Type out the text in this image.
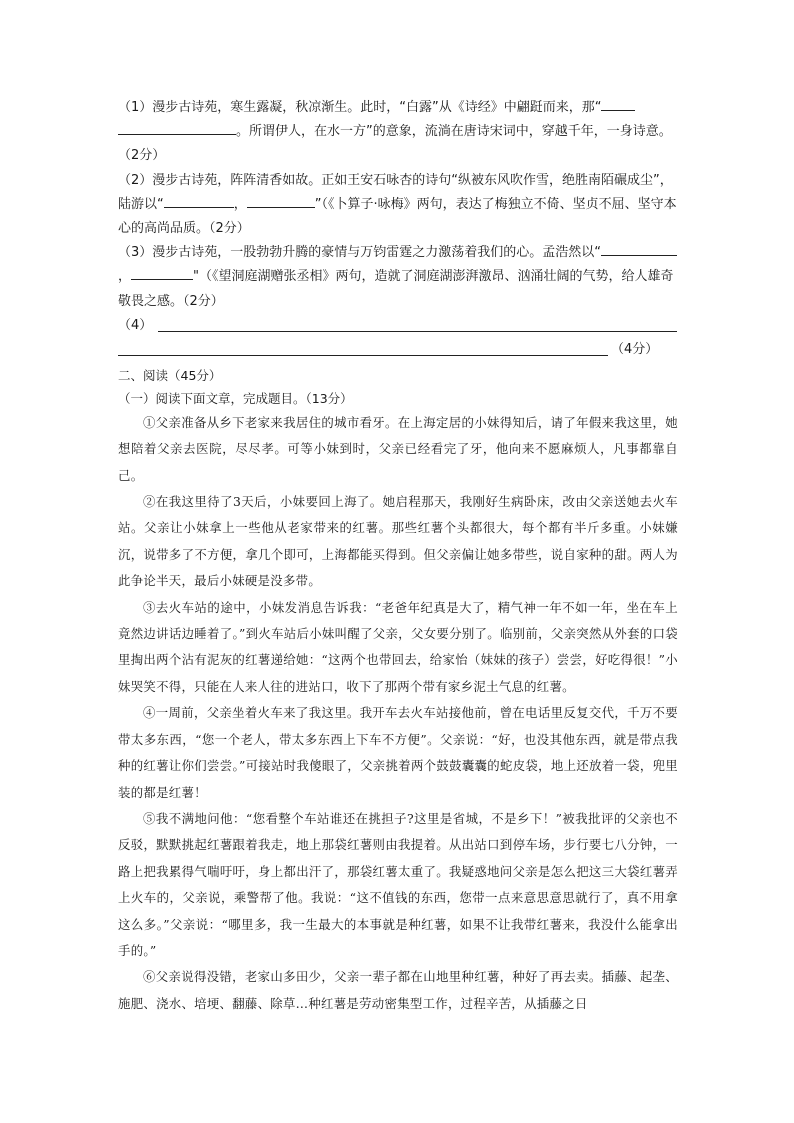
（1）漫步古诗苑，寒生露凝，秋凉渐生。此时，“白露”从《诗经》中翩跹而来，那“。所谓伊人，在水一方”的意象，流淌在唐诗宋词中，穿越千年，一身诗意。（2分）

（2）漫步古诗苑，阵阵清香如故。正如王安石咏杏的诗句“纵被东风吹作雪，绝胜南陌碾成尘”，陆游以“	，	”（《卜算子·咏梅》两句，表达了梅独立不倚、坚贞不屈、坚守本心的高尚品质。（2分）

（3）漫步古诗苑，一股勃勃升腾的豪情与万钧雷霆之力激荡着我们的心。孟浩然以“，	"（《望洞庭湖赠张丞相》两句，造就了洞庭湖澎湃激昂、汹涌壮阔的气势，给人雄奇敬畏之感。（2分）

（4）
（4分）

二、阅读（45分）

（一）阅读下面文章，完成题目。（13分）

①父亲准备从乡下老家来我居住的城市看牙。在上海定居的小妹得知后，请了年假来我这里，她想陪着父亲去医院，尽尽孝。可等小妹到时，父亲已经看完了牙，他向来不愿麻烦人，凡事都靠自己。

②在我这里待了3天后，小妹要回上海了。她启程那天，我刚好生病卧床，改由父亲送她去火车站。父亲让小妹拿上一些他从老家带来的红薯。那些红薯个头都很大，每个都有半斤多重。小妹嫌沉，说带多了不方便，拿几个即可，上海都能买得到。但父亲偏让她多带些，说自家种的甜。两人为此争论半天，最后小妹硬是没多带。

③去火车站的途中，小妹发消息告诉我：“老爸年纪真是大了，精气神一年不如一年，坐在车上竟然边讲话边睡着了。”到火车站后小妹叫醒了父亲，父女要分别了。临别前，父亲突然从外套的口袋里掏出两个沾有泥灰的红薯递给她：“这两个也带回去，给家怡（妹妹的孩子）尝尝，好吃得很！”小妹哭笑不得，只能在人来人往的进站口，收下了那两个带有家乡泥土气息的红薯。

④一周前，父亲坐着火车来了我这里。我开车去火车站接他前，曾在电话里反复交代，千万不要带太多东西，“您一个老人，带太多东西上下车不方便”。父亲说：“好，也没其他东西，就是带点我种的红薯让你们尝尝。”可接站时我傻眼了，父亲挑着两个鼓鼓囊囊的蛇皮袋，地上还放着一袋，兜里装的都是红薯！

⑤我不满地问他：“您看整个车站谁还在挑担子?这里是省城，不是乡下！”被我批评的父亲也不反驳，默默挑起红薯跟着我走，地上那袋红薯则由我提着。从出站口到停车场，步行要七八分钟，一路上把我累得气喘吁吁，身上都出汗了，那袋红薯太重了。我疑惑地问父亲是怎么把这三大袋红薯弄上火车的，父亲说，乘警帮了他。我说：“这不值钱的东西，您带一点来意思意思就行了，真不用拿这么多。”父亲说：“哪里多，我一生最大的本事就是种红薯，如果不让我带红薯来，我没什么能拿出手的。”

⑥父亲说得没错，老家山多田少，父亲一辈子都在山地里种红薯，种好了再去卖。插藤、起垄、施肥、浇水、培埂、翻藤、除草…种红薯是劳动密集型工作，过程辛苦，从插藤之日
